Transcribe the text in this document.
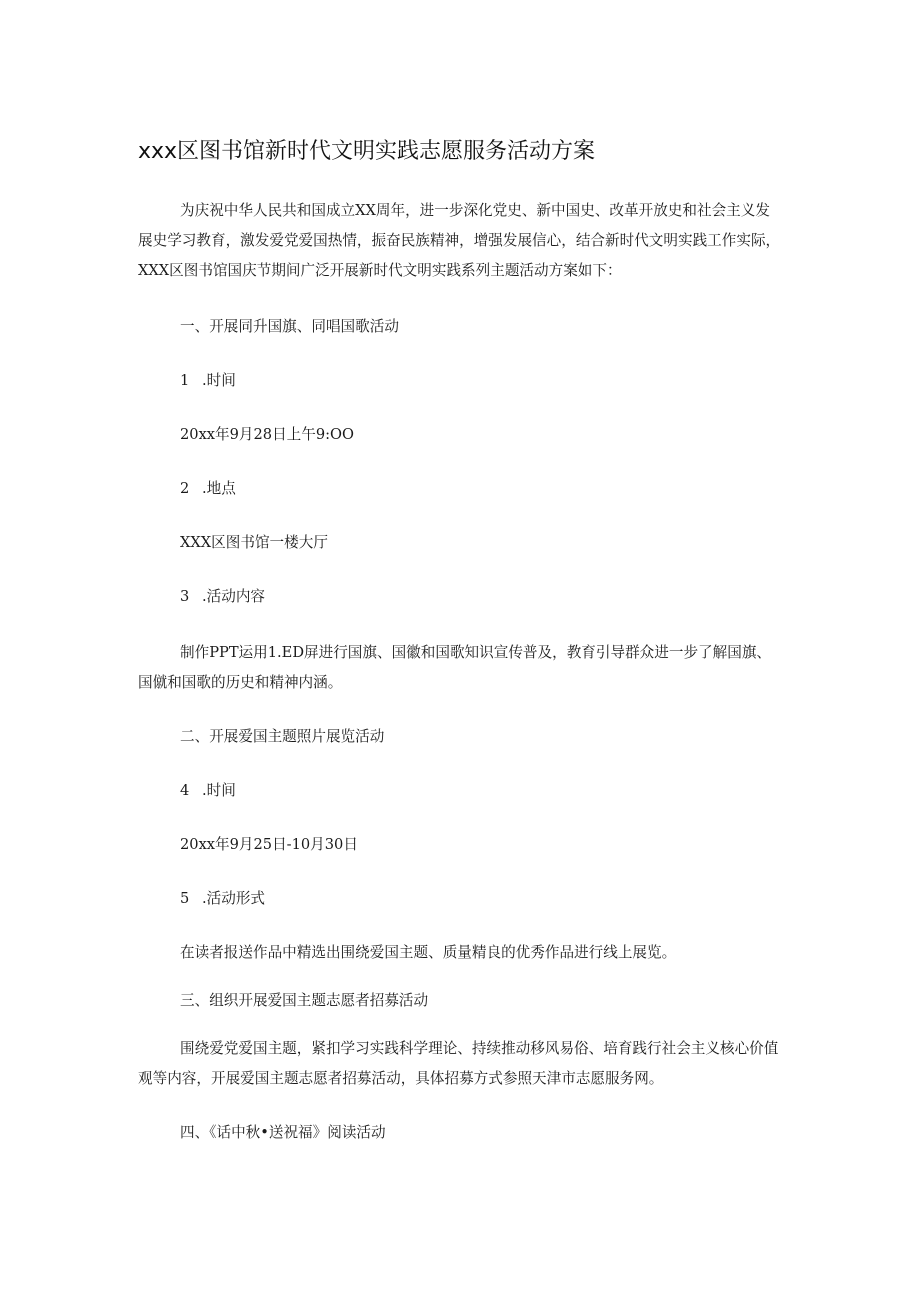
xxx区图书馆新时代文明实践志愿服务活动方案

为庆祝中华人民共和国成立XX周年，进一步深化党史、新中国史、改革开放史和社会主义发展史学习教育，激发爱党爱国热情，振奋民族精神，增强发展信心，结合新时代文明实践工作实际，XXX区图书馆国庆节期间广泛开展新时代文明实践系列主题活动方案如下：

一、开展同升国旗、同唱国歌活动

1 .时间

20xx年9月28日上午9:OO

2 .地点

XXX区图书馆一楼大厅

3 .活动内容

制作PPT运用1.ED屏进行国旗、国徽和国歌知识宣传普及，教育引导群众进一步了解国旗、国僦和国歌的历史和精神内涵。

二、开展爱国主题照片展览活动

4 .时间

20xx年9月25日-10月30日

5 .活动形式

在读者报送作品中精选出围绕爱国主题、质量精良的优秀作品进行线上展览。

三、组织开展爱国主题志愿者招募活动

围绕爱党爱国主题，紧扣学习实践科学理论、持续推动移风易俗、培育践行社会主义核心价值观等内容，开展爱国主题志愿者招募活动，具体招募方式参照天津市志愿服务网。

四、《话中秋•送祝福》阅读活动
